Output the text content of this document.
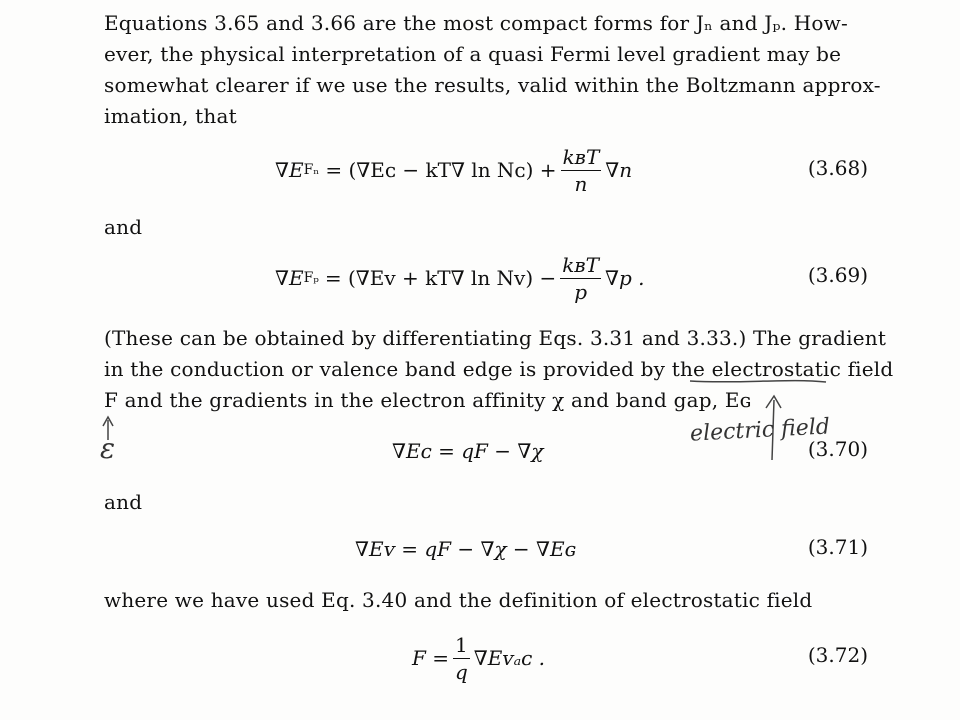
Equations 3.65 and 3.66 are the most compact forms for Jₙ and Jₚ. How-
ever, the physical interpretation of a quasi Fermi level gradient may be
somewhat clearer if we use the results, valid within the Boltzmann approx-
imation, that
∇E Fₙ = (∇Eᴄ − kT∇ ln Nᴄ) + $\frac{\text{kʙT}}{n} \nabla n$	(3.68)
and
∇E Fₚ = (∇Eᴠ + kT∇ ln Nᴠ) − $\frac{\text{kʙT}}{p} \nabla p$ .	(3.69)
(These can be obtained by differentiating Eqs. 3.31 and 3.33.) The gradient
in the conduction or valence band edge is provided by the electrostatic field
F and the gradients in the electron affinity χ and band gap, Eɢ
ε
electric field
∇Eᴄ = qF − ∇χ	(3.70)
and
∇Eᴠ = qF − ∇χ − ∇Eɢ	(3.71)
where we have used Eq. 3.40 and the definition of electrostatic field
$F = \frac{1}{q}$ ∇Eᴠₐᴄ .	(3.72)
